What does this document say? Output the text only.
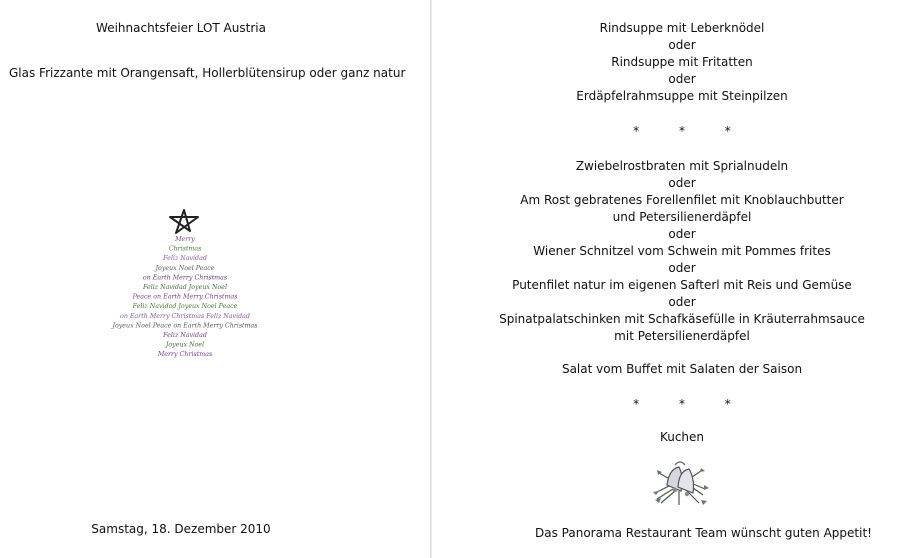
Weihnachtsfeier LOT Austria
Glas Frizzante mit Orangensaft, Hollerblütensirup oder ganz natur
Merry
Christmas
Feliz Navidad
Joyeux Noel Peace
on Earth Merry Christmas
Feliz Navidad Joyeux Noel
Peace on Earth Merry Christmas
Feliz Navidad Joyeux Noel Peace
on Earth Merry Christmas Feliz Navidad
Joyeux Noel Peace on Earth Merry Christmas
Feliz Navidad
Joyeux Noel
Merry Christmas
Samstag, 18. Dezember 2010
Rindsuppe mit Leberknödel
oder
Rindsuppe mit Fritatten
oder
Erdäpfelrahmsuppe mit Steinpilzen
* * *
Zwiebelrostbraten mit Sprialnudeln
oder
Am Rost gebratenes Forellenfilet mit Knoblauchbutter
und Petersilienerdäpfel
oder
Wiener Schnitzel vom Schwein mit Pommes frites
oder
Putenfilet natur im eigenen Safterl mit Reis und Gemüse
oder
Spinatpalatschinken mit Schafkäsefülle in Kräuterrahmsauce
mit Petersilienerdäpfel
Salat vom Buffet mit Salaten der Saison
* * *
Kuchen
Das Panorama Restaurant Team wünscht guten Appetit!
